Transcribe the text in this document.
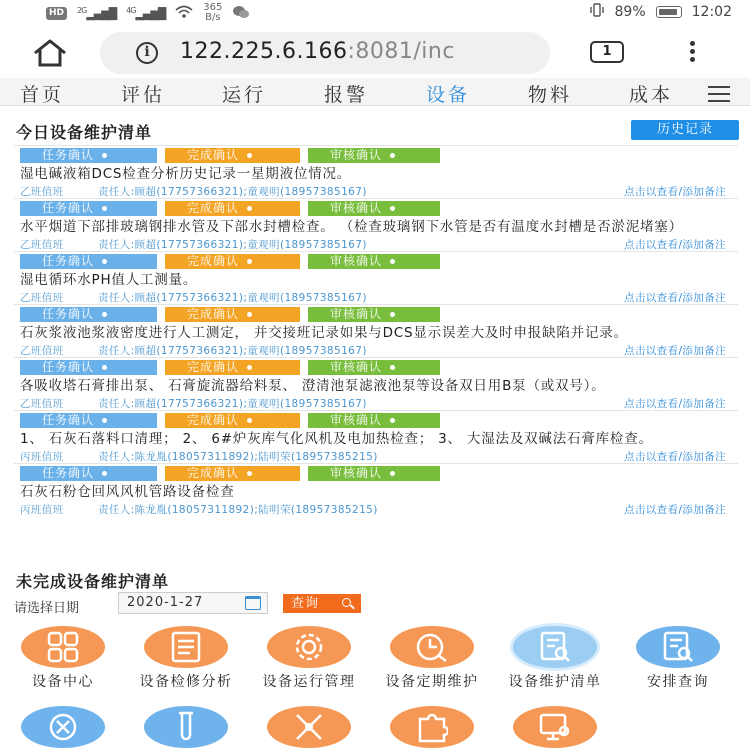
HD	$^{2G}$▂▄▆█ $^{4G}$▂▄▆█	365
B/s	89%	12:02
i	122.225.6.166:8081/inc	1
首页	评估	运行	报警	设备	物料	成本
今日设备维护清单	历史记录
任务确认	完成确认	审核确认
湿电碱液箱DCS检查分析历史记录一星期液位情况。
乙班值班	责任人:顾超(17757366321);童观明(18957385167)	点击以查看/添加备注
任务确认	完成确认	审核确认
水平烟道下部排玻璃钢排水管及下部水封槽检查。 （检查玻璃钢下水管是否有温度水封槽是否淤泥堵塞）
乙班值班	责任人:顾超(17757366321);童观明(18957385167)	点击以查看/添加备注
任务确认	完成确认	审核确认
湿电循环水PH值人工测量。
乙班值班	责任人:顾超(17757366321);童观明(18957385167)	点击以查看/添加备注
任务确认	完成确认	审核确认
石灰浆液池浆液密度进行人工测定， 并交接班记录如果与DCS显示误差大及时申报缺陷并记录。
乙班值班	责任人:顾超(17757366321);童观明(18957385167)	点击以查看/添加备注
任务确认	完成确认	审核确认
各吸收塔石膏排出泵、 石膏旋流器给料泵、 澄清池泵滤液池泵等设备双日用B泵（或双号）。
乙班值班	责任人:顾超(17757366321);童观明(18957385167)	点击以查看/添加备注
任务确认	完成确认	审核确认
1、 石灰石落料口清理； 2、 6#炉灰库气化风机及电加热检查； 3、 大湿法及双碱法石膏库检查。
丙班值班	责任人:陈龙胤(18057311892);陆明荣(18957385215)	点击以查看/添加备注
任务确认	完成确认	审核确认
石灰石粉仓回风风机管路设备检查
丙班值班	责任人:陈龙胤(18057311892);陆明荣(18957385215)	点击以查看/添加备注
未完成设备维护清单
请选择日期	2020-1-27	查询
设备中心	设备检修分析	设备运行管理	设备定期维护	设备维护清单	安排查询
